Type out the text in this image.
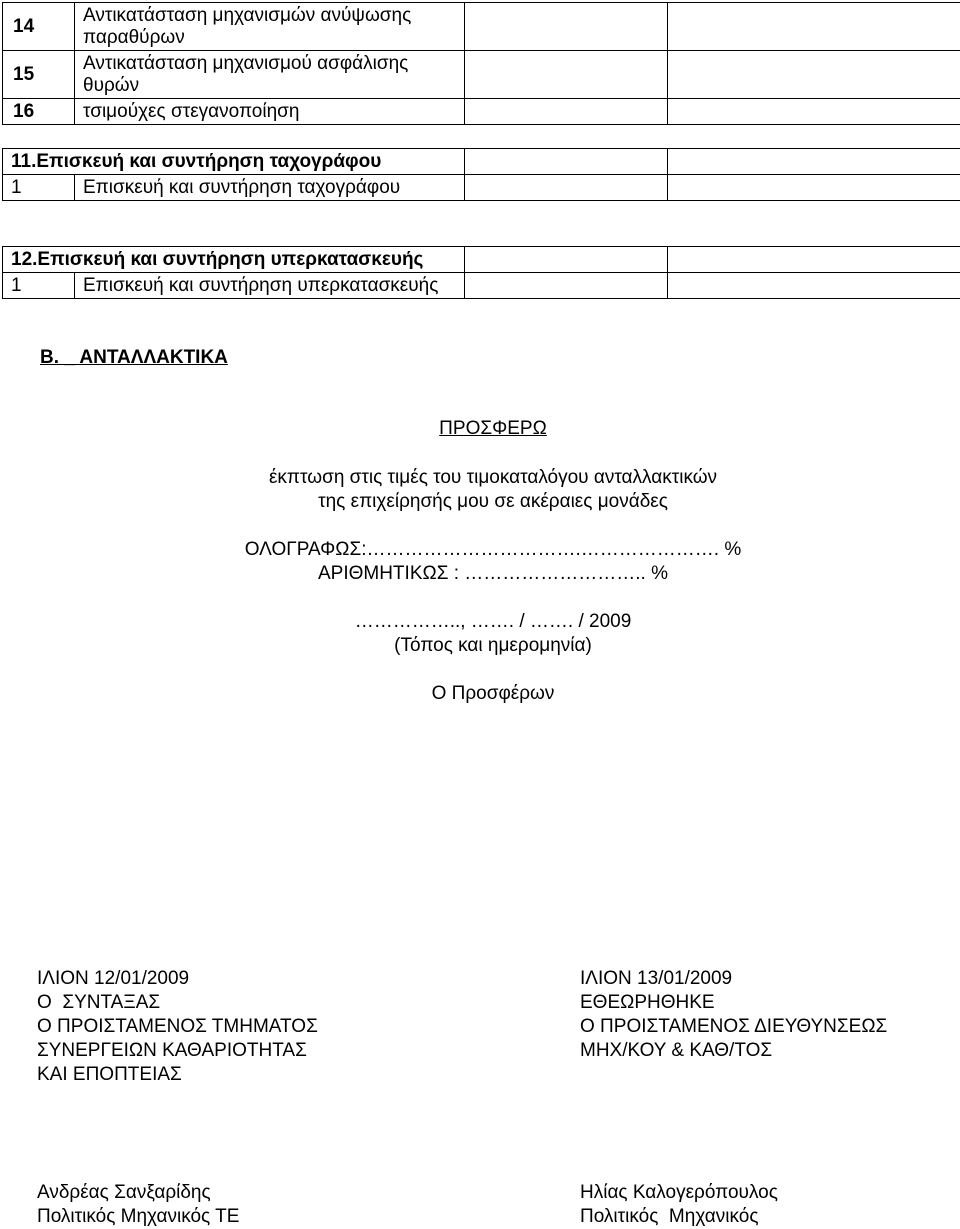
14	Αντικατάσταση μηχανισμών ανύψωσης
παραθύρων		

15	Αντικατάσταση μηχανισμού ασφάλισης
θυρών		

16	τσιμούχες στεγανοποίηση		
11.Επισκευή και συντήρηση ταχογράφου			
1	Επισκευή και συντήρηση ταχογράφου		
12.Επισκευή και συντήρηση υπερκατασκευής			
1	Επισκευή και συντήρηση υπερκατασκευής		
Β. _ ΑΝΤΑΛΛΑΚΤΙΚΑ
ΠΡΟΣΦΕΡΩ
έκπτωση στις τιμές του τιμοκαταλόγου ανταλλακτικών
της επιχείρησής μου σε ακέραιες μονάδες
ΟΛΟΓΡΑΦΩΣ:…………………………….…………………. %
ΑΡΙΘΜΗΤΙΚΩΣ : ……………………….. %
…………….., ……. / ……. / 2009
(Τόπος και ημερομηνία)
Ο Προσφέρων
ΙΛΙΟΝ 12/01/2009
Ο  ΣΥΝΤΑΞΑΣ
Ο ΠΡΟΙΣΤΑΜΕΝΟΣ ΤΜΗΜΑΤΟΣ
ΣΥΝΕΡΓΕΙΩΝ ΚΑΘΑΡΙΟΤΗΤΑΣ
ΚΑΙ ΕΠΟΠΤΕΙΑΣ
Ανδρέας Σανξαρίδης
Πολιτικός Μηχανικός ΤΕ
ΙΛΙΟΝ 13/01/2009
ΕΘΕΩΡΗΘΗΚΕ
Ο ΠΡΟΙΣΤΑΜΕΝΟΣ ΔΙΕΥΘΥΝΣΕΩΣ
ΜΗΧ/ΚΟΥ & ΚΑΘ/ΤΟΣ
Ηλίας Καλογερόπουλος
Πολιτικός  Μηχανικός
